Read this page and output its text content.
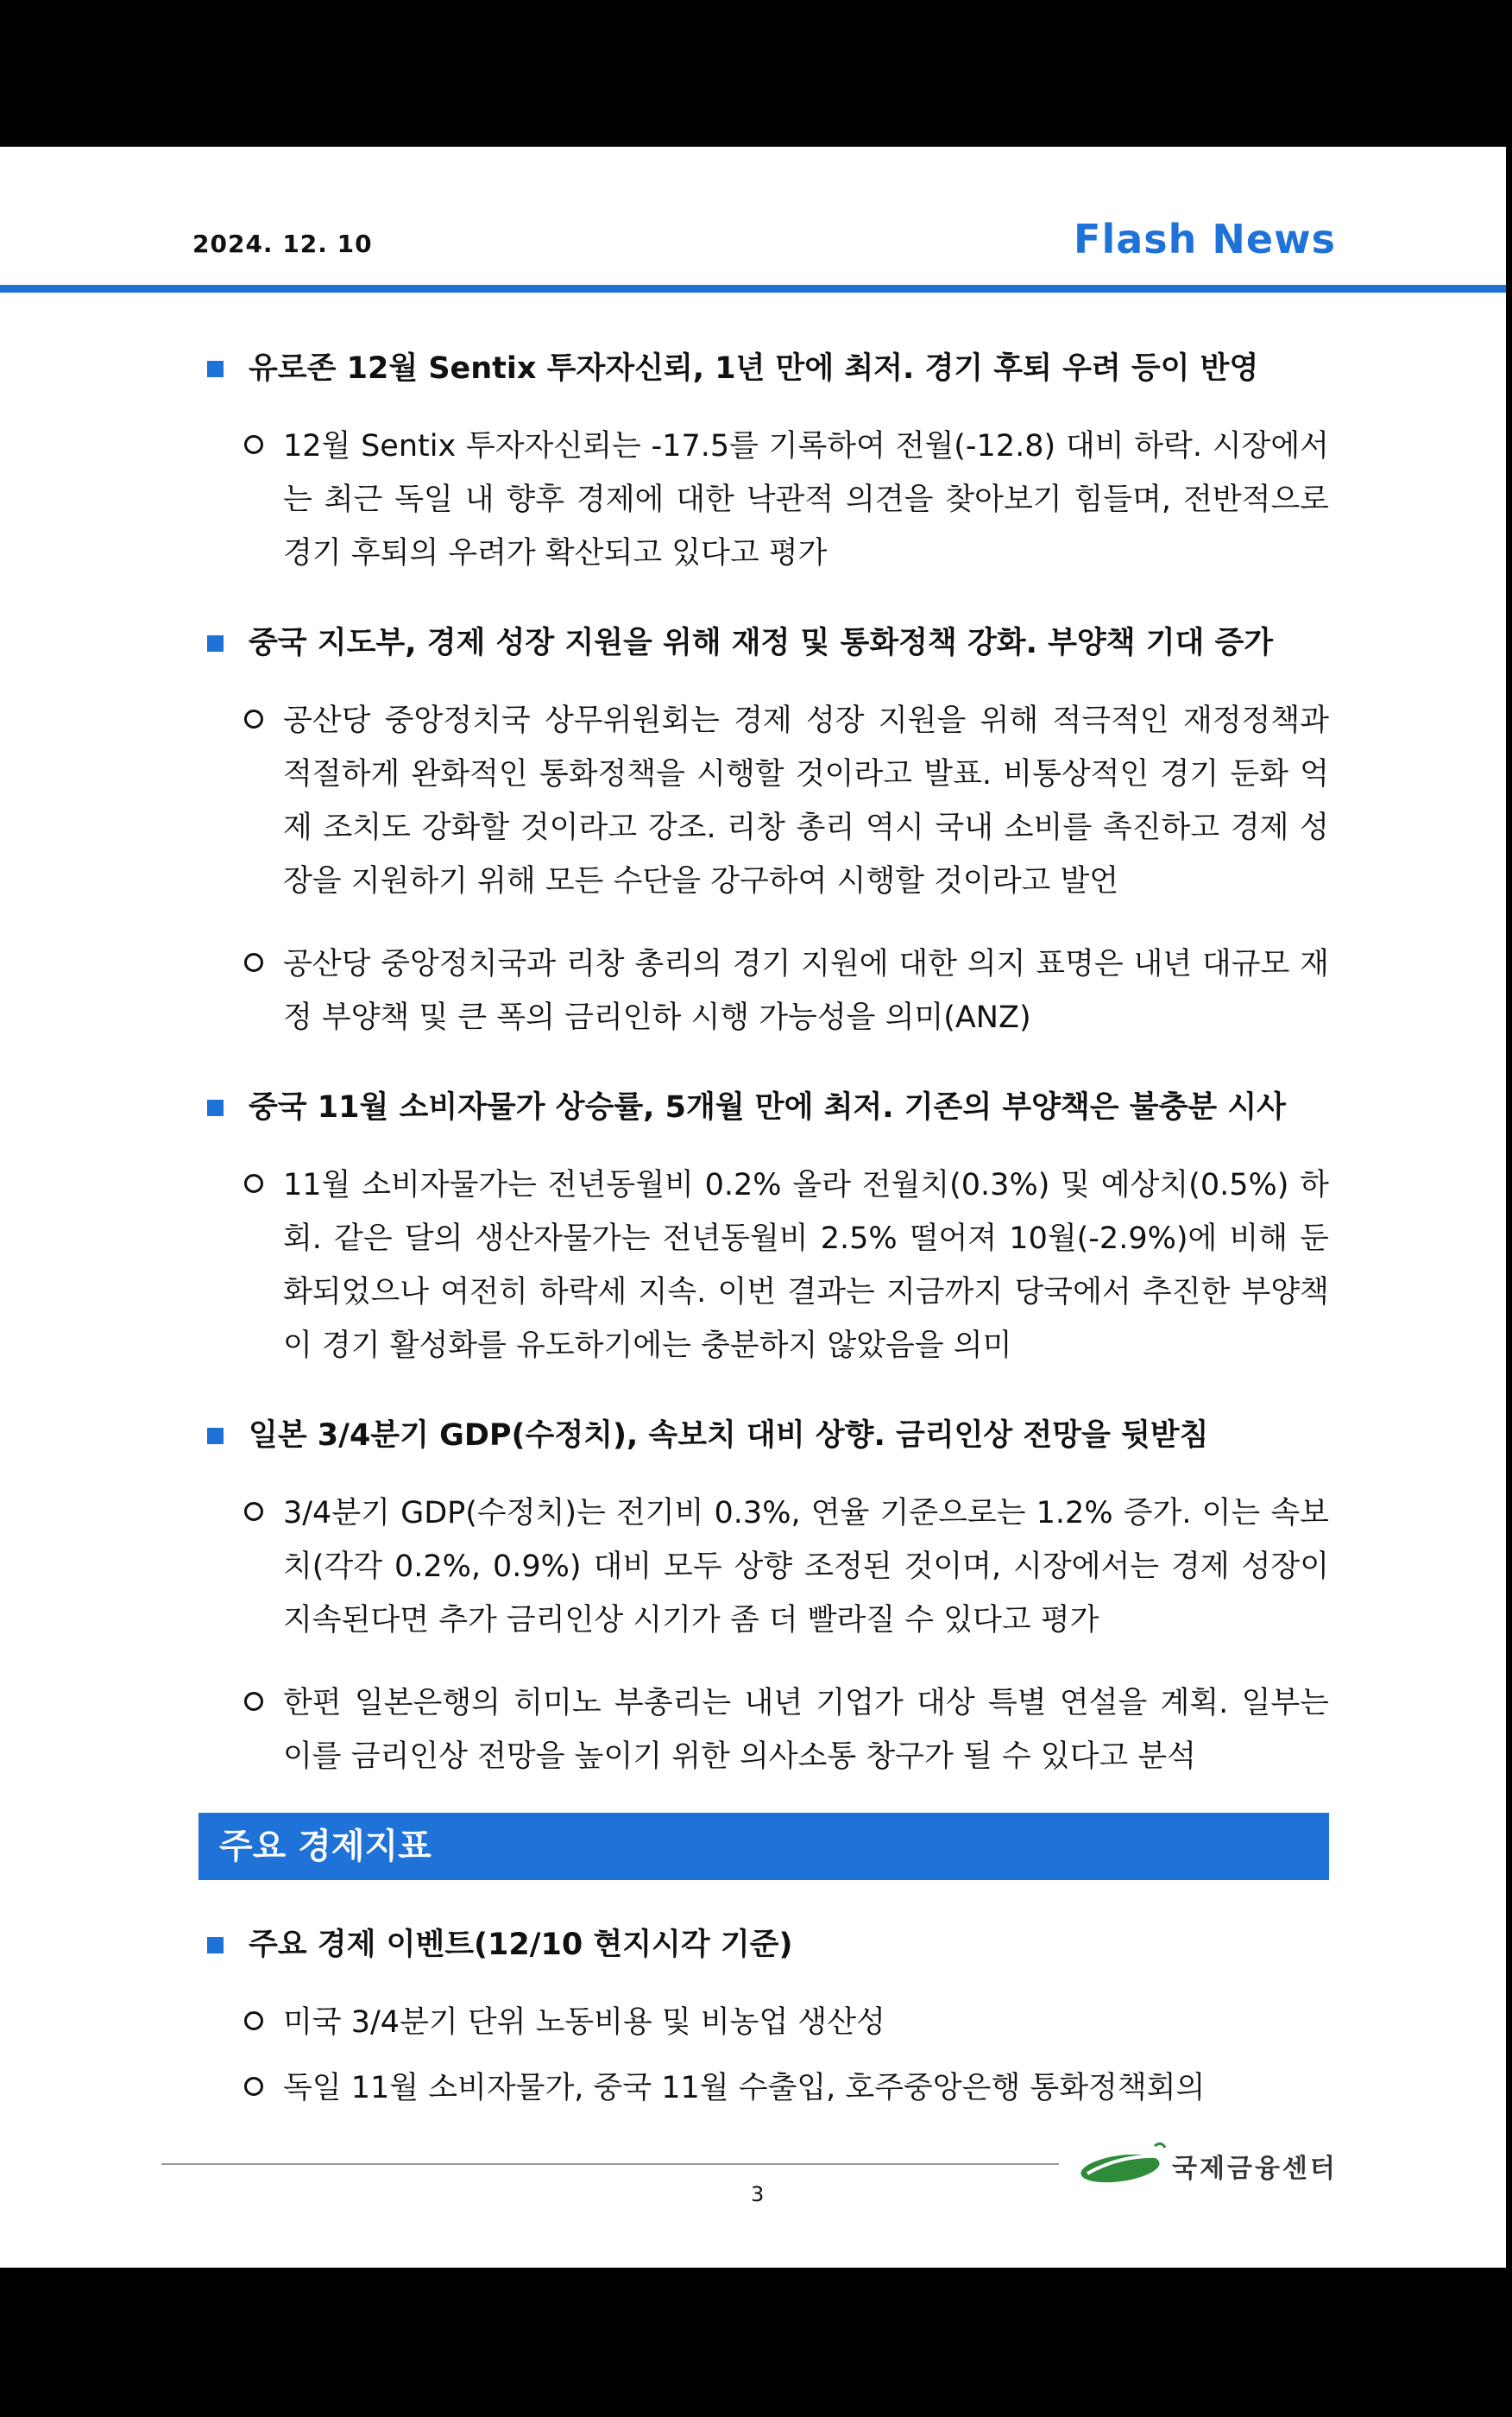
2024. 12. 10	Flash News
유로존 12월 Sentix 투자자신뢰, 1년 만에 최저. 경기 후퇴 우려 등이 반영
12월 Sentix 투자자신뢰는 -17.5를 기록하여 전월(-12.8) 대비 하락. 시장에서는 최근 독일 내 향후 경제에 대한 낙관적 의견을 찾아보기 힘들며, 전반적으로 경기 후퇴의 우려가 확산되고 있다고 평가
중국 지도부, 경제 성장 지원을 위해 재정 및 통화정책 강화. 부양책 기대 증가
공산당 중앙정치국 상무위원회는 경제 성장 지원을 위해 적극적인 재정정책과 적절하게 완화적인 통화정책을 시행할 것이라고 발표. 비통상적인 경기 둔화 억제 조치도 강화할 것이라고 강조. 리창 총리 역시 국내 소비를 촉진하고 경제 성장을 지원하기 위해 모든 수단을 강구하여 시행할 것이라고 발언
공산당 중앙정치국과 리창 총리의 경기 지원에 대한 의지 표명은 내년 대규모 재정 부양책 및 큰 폭의 금리인하 시행 가능성을 의미(ANZ)
중국 11월 소비자물가 상승률, 5개월 만에 최저. 기존의 부양책은 불충분 시사
11월 소비자물가는 전년동월비 0.2% 올라 전월치(0.3%) 및 예상치(0.5%) 하회. 같은 달의 생산자물가는 전년동월비 2.5% 떨어져 10월(-2.9%)에 비해 둔화되었으나 여전히 하락세 지속. 이번 결과는 지금까지 당국에서 추진한 부양책이 경기 활성화를 유도하기에는 충분하지 않았음을 의미
일본 3/4분기 GDP(수정치), 속보치 대비 상향. 금리인상 전망을 뒷받침
3/4분기 GDP(수정치)는 전기비 0.3%, 연율 기준으로는 1.2% 증가. 이는 속보치(각각 0.2%, 0.9%) 대비 모두 상향 조정된 것이며, 시장에서는 경제 성장이 지속된다면 추가 금리인상 시기가 좀 더 빨라질 수 있다고 평가
한편 일본은행의 히미노 부총리는 내년 기업가 대상 특별 연설을 계획. 일부는 이를 금리인상 전망을 높이기 위한 의사소통 창구가 될 수 있다고 분석
주요 경제지표
주요 경제 이벤트(12/10 현지시각 기준)
미국 3/4분기 단위 노동비용 및 비농업 생산성
독일 11월 소비자물가, 중국 11월 수출입, 호주중앙은행 통화정책회의
국제금융센터
3
